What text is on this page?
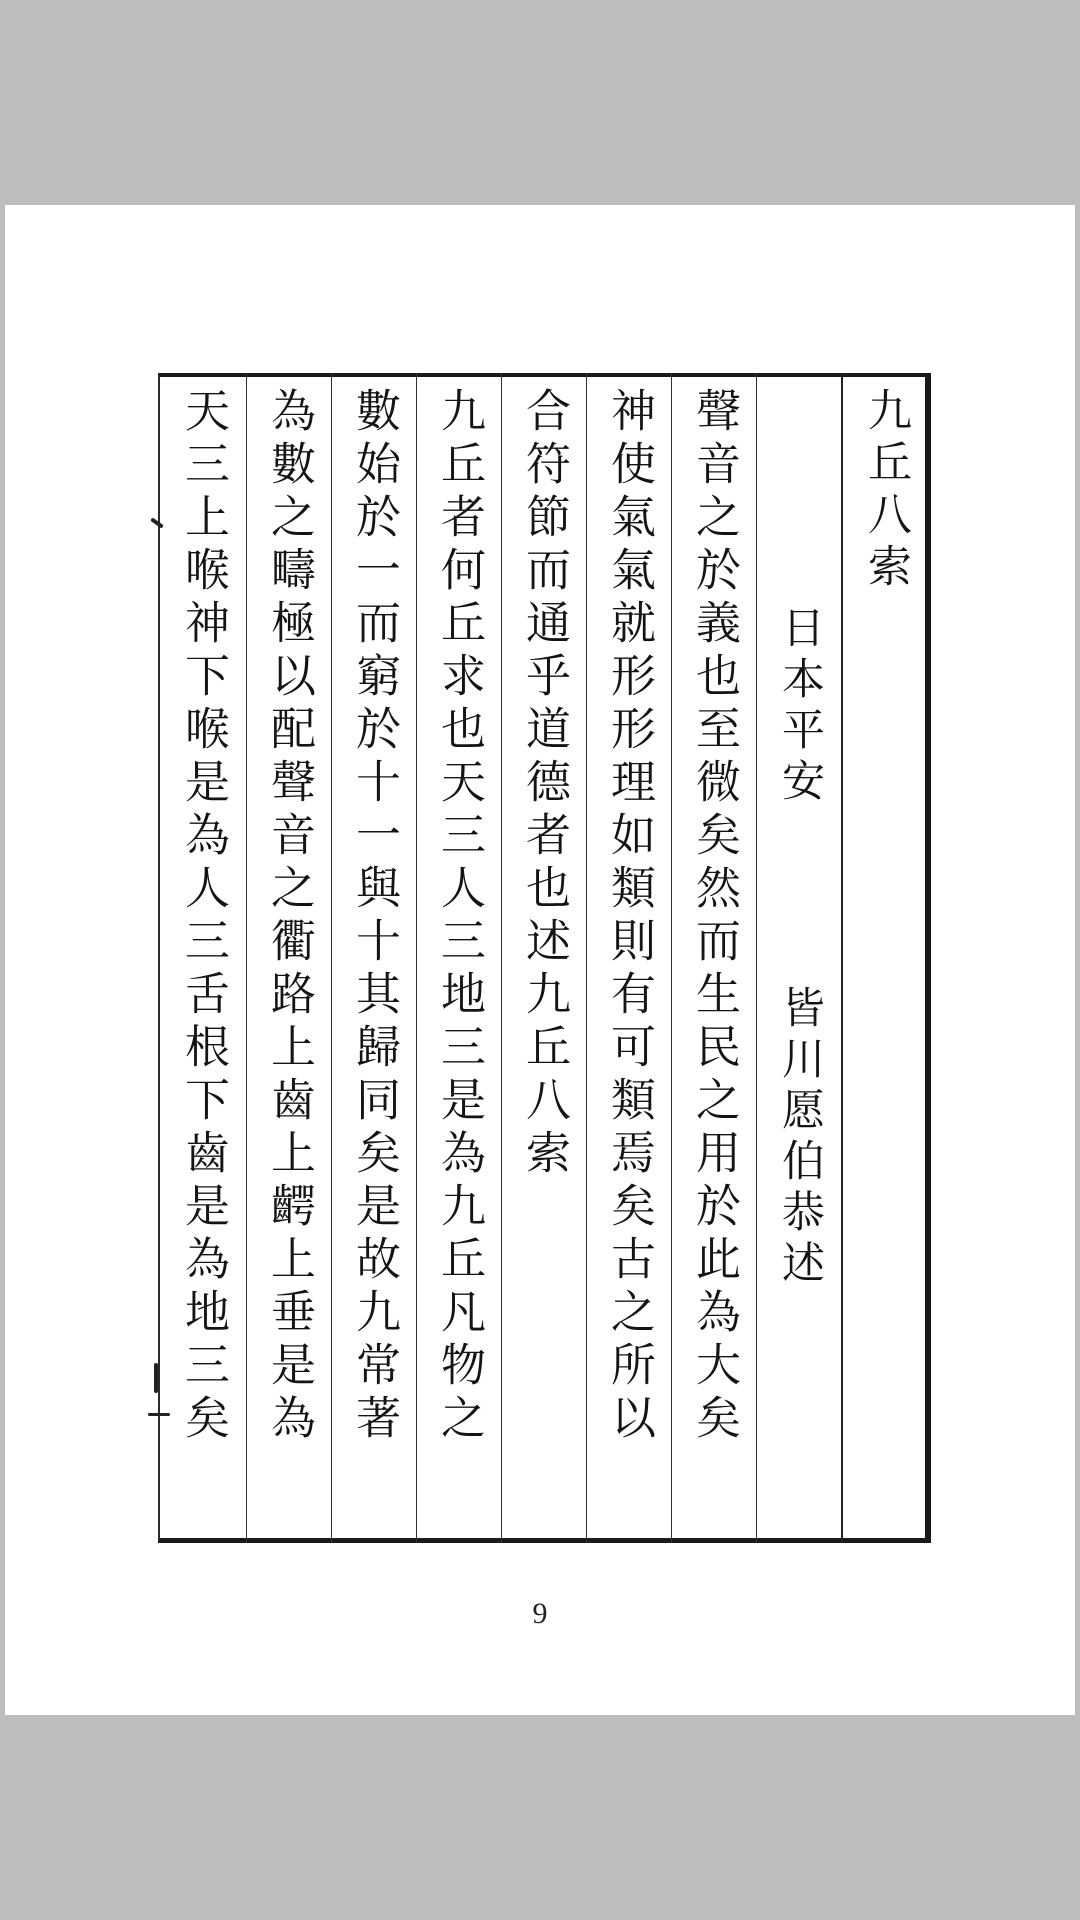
九丘八索
日本平安
皆川愿伯恭述
聲音之於義也至微矣然而生民之用於此為大矣
神使氣氣就形形理如類則有可類焉矣古之所以
合符節而通乎道德者也述九丘八索
九丘者何丘求也天三人三地三是為九丘凡物之
數始於一而窮於十一與十其歸同矣是故九常著
為數之疇極以配聲音之衢路上齒上齶上垂是為
天三上喉神下喉是為人三舌根下齒是為地三矣
9
